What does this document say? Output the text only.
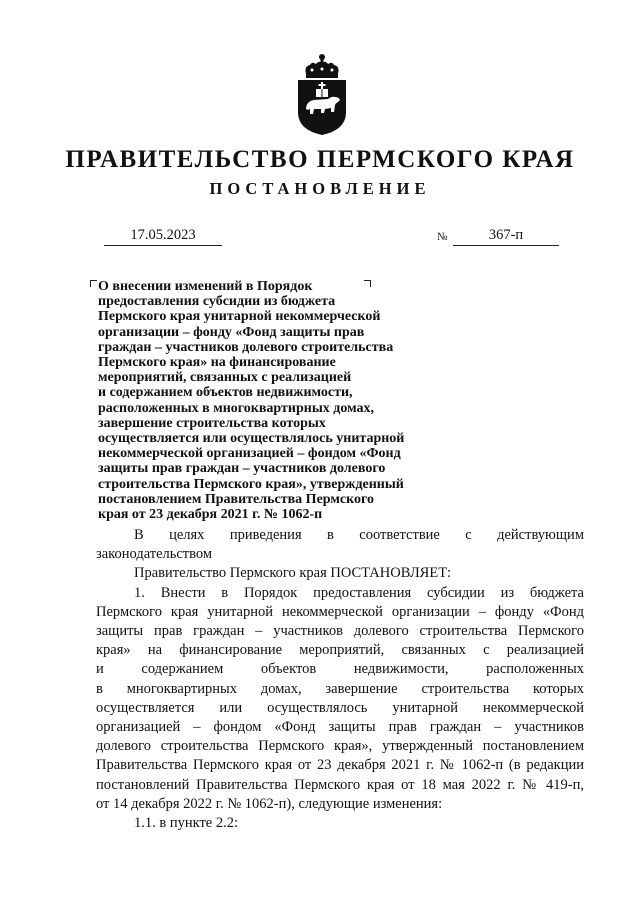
ПРАВИТЕЛЬСТВО ПЕРМСКОГО КРАЯ
ПОСТАНОВЛЕНИЕ
17.05.2023	№	367-п
О внесении изменений в Порядок
предоставления субсидии из бюджета
Пермского края унитарной некоммерческой
организации – фонду «Фонд защиты прав
граждан – участников долевого строительства
Пермского края» на финансирование
мероприятий, связанных с реализацией
и содержанием объектов недвижимости,
расположенных в многоквартирных домах,
завершение строительства которых
осуществляется или осуществлялось унитарной
некоммерческой организацией – фондом «Фонд
защиты прав граждан – участников долевого
строительства Пермского края», утвержденный
постановлением Правительства Пермского
края от 23 декабря 2021 г. № 1062-п
В целях приведения в соответствие с действующим
законодательством
Правительство Пермского края ПОСТАНОВЛЯЕТ:
1. Внести в Порядок предоставления субсидии из бюджета
Пермского края унитарной некоммерческой организации – фонду «Фонд
защиты прав граждан – участников долевого строительства Пермского
края» на финансирование мероприятий, связанных с реализацией
и содержанием объектов недвижимости, расположенных
в многоквартирных домах, завершение строительства которых
осуществляется или осуществлялось унитарной некоммерческой
организацией – фондом «Фонд защиты прав граждан – участников
долевого строительства Пермского края», утвержденный постановлением
Правительства Пермского края от 23 декабря 2021 г. № 1062-п (в редакции
постановлений Правительства Пермского края от 18 мая 2022 г. № 419-п,
от 14 декабря 2022 г. № 1062-п), следующие изменения:
1.1. в пункте 2.2:
